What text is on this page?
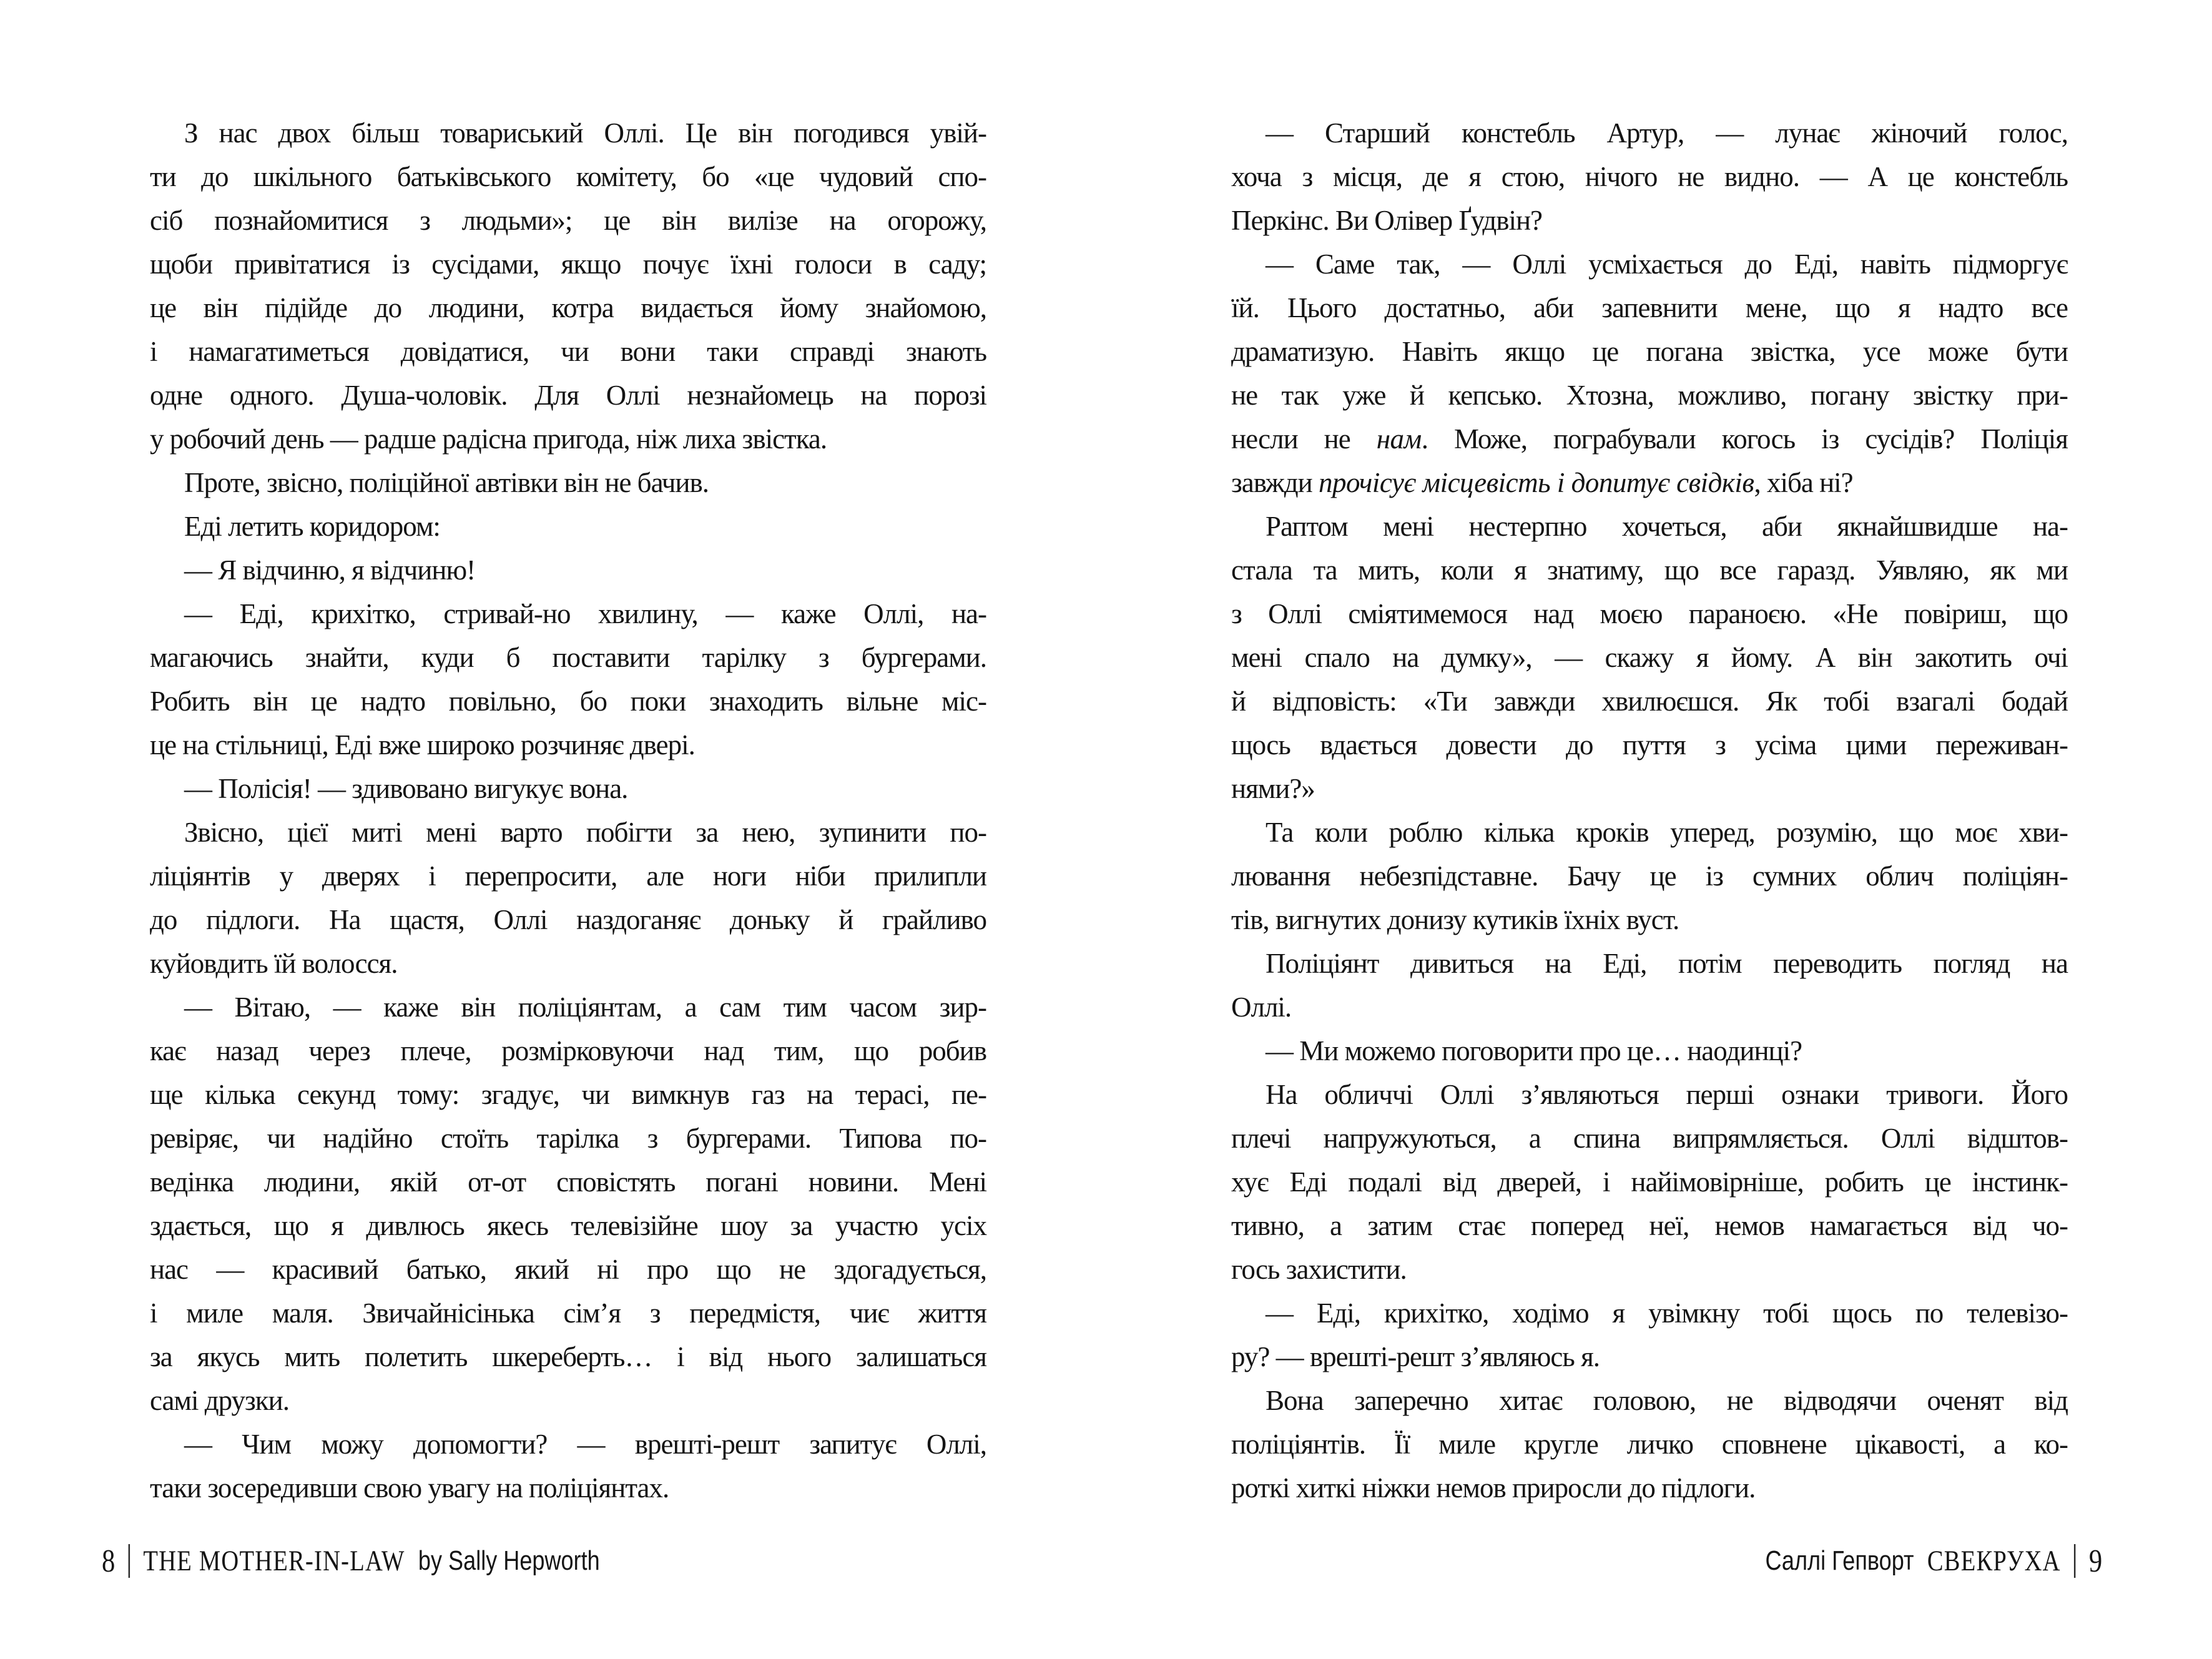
З нас двох більш товариський Оллі. Це він погодився увій-
ти до шкільного батьківського комітету, бо «це чудовий спо-
сіб познайомитися з людьми»; це він вилізе на огорожу,
щоби привітатися із сусідами, якщо почує їхні голоси в саду;
це він підійде до людини, котра видається йому знайомою,
і намагатиметься довідатися, чи вони таки справді знають
одне одного. Душа-чоловік. Для Оллі незнайомець на порозі
у робочий день — радше радісна пригода, ніж лиха звістка.
Проте, звісно, поліційної автівки він не бачив.
Еді летить коридором:
— Я відчиню, я відчиню!
— Еді, крихітко, стривай-но хвилину, — каже Оллі, на-
магаючись знайти, куди б поставити тарілку з бургерами.
Робить він це надто повільно, бо поки знаходить вільне міс-
це на стільниці, Еді вже широко розчиняє двері.
— Полісія! — здивовано вигукує вона.
Звісно, цієї миті мені варто побігти за нею, зупинити по-
ліціянтів у дверях і перепросити, але ноги ніби прилипли
до підлоги. На щастя, Оллі наздоганяє доньку й грайливо
куйовдить їй волосся.
— Вітаю, — каже він поліціянтам, а сам тим часом зир-
кає назад через плече, розмірковуючи над тим, що робив
ще кілька секунд тому: згадує, чи вимкнув газ на терасі, пе-
ревіряє, чи надійно стоїть тарілка з бургерами. Типова по-
ведінка людини, якій от-от сповістять погані новини. Мені
здається, що я дивлюсь якесь телевізійне шоу за участю усіх
нас — красивий батько, який ні про що не здогадується,
і миле маля. Звичайнісінька сім’я з передмістя, чиє життя
за якусь мить полетить шкереберть… і від нього залишаться
самі друзки.
— Чим можу допомогти? — врешті-решт запитує Оллі,
таки зосередивши свою увагу на поліціянтах.
8 THE MOTHER-IN-LAW by Sally Hepworth
— Старший констебль Артур, — лунає жіночий голос,
хоча з місця, де я стою, нічого не видно. — А це констебль
Перкінс. Ви Олівер Ґудвін?
— Саме так, — Оллі усміхається до Еді, навіть підморгує
їй. Цього достатньо, аби запевнити мене, що я надто все
драматизую. Навіть якщо це погана звістка, усе може бути
не так уже й кепсько. Хтозна, можливо, погану звістку при-
несли не нам. Може, пограбували когось із сусідів? Поліція
завжди прочісує місцевість і допитує свідків, хіба ні?
Раптом мені нестерпно хочеться, аби якнайшвидше на-
стала та мить, коли я знатиму, що все гаразд. Уявляю, як ми
з Оллі сміятимемося над моєю параноєю. «Не повіриш, що
мені спало на думку», — скажу я йому. А він закотить очі
й відповість: «Ти завжди хвилюєшся. Як тобі взагалі бодай
щось вдається довести до пуття з усіма цими переживан-
нями?»
Та коли роблю кілька кроків уперед, розумію, що моє хви-
лювання небезпідставне. Бачу це із сумних облич поліціян-
тів, вигнутих донизу кутиків їхніх вуст.
Поліціянт дивиться на Еді, потім переводить погляд на
Оллі.
— Ми можемо поговорити про це… наодинці?
На обличчі Оллі з’являються перші ознаки тривоги. Його
плечі напружуються, а спина випрямляється. Оллі відштов-
хує Еді подалі від дверей, і найімовірніше, робить це інстинк-
тивно, а затим стає поперед неї, немов намагається від чо-
гось захистити.
— Еді, крихітко, ходімо я увімкну тобі щось по телевізо-
ру? — врешті-решт з’являюсь я.
Вона заперечно хитає головою, не відводячи оченят від
поліціянтів. Її миле кругле личко сповнене цікавості, а ко-
роткі хиткі ніжки немов приросли до підлоги.
Саллі Гепворт СВЕКРУХА 9
